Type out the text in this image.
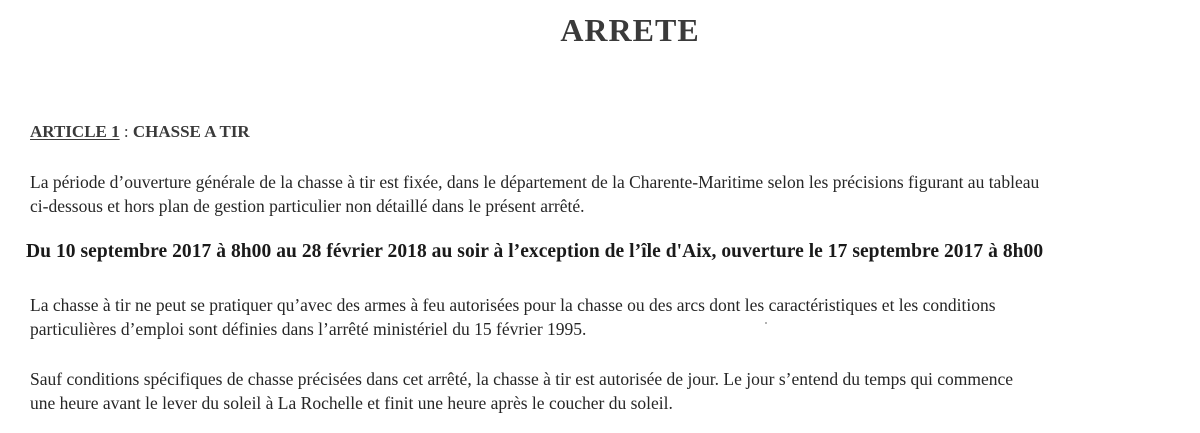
ARRETE
ARTICLE 1 : CHASSE A TIR
La période d’ouverture générale de la chasse à tir est fixée, dans le département de la Charente-Maritime selon les précisions figurant au tableau
ci-dessous et hors plan de gestion particulier non détaillé dans le présent arrêté.
Du 10 septembre 2017 à 8h00 au 28 février 2018 au soir à l’exception de l’île d'Aix, ouverture le 17 septembre 2017 à 8h00
La chasse à tir ne peut se pratiquer qu’avec des armes à feu autorisées pour la chasse ou des arcs dont les caractéristiques et les conditions
particulières d’emploi sont définies dans l’arrêté ministériel du 15 février 1995.
Sauf conditions spécifiques de chasse précisées dans cet arrêté, la chasse à tir est autorisée de jour. Le jour s’entend du temps qui commence
une heure avant le lever du soleil à La Rochelle et finit une heure après le coucher du soleil.
